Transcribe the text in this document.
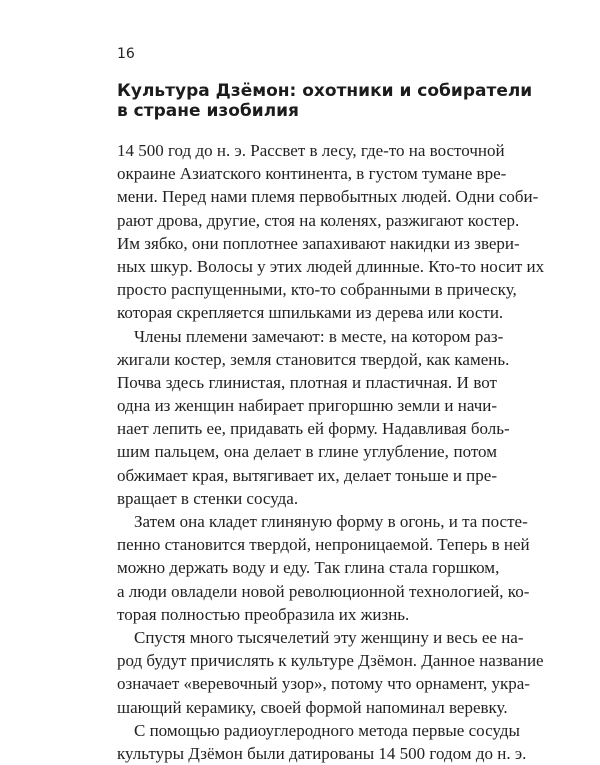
16
Культура Дзёмон: охотники и собиратели
в стране изобилия
14 500 год до н. э. Рассвет в лесу, где-то на восточной
окраине Азиатского континента, в густом тумане вре-
мени. Перед нами племя первобытных людей. Одни соби-
рают дрова, другие, стоя на коленях, разжигают костер.
Им зябко, они поплотнее запахивают накидки из звери-
ных шкур. Волосы у этих людей длинные. Кто-то носит их
просто распущенными, кто-то собранными в прическу,
которая скрепляется шпильками из дерева или кости.
Члены племени замечают: в месте, на котором раз-
жигали костер, земля становится твердой, как камень.
Почва здесь глинистая, плотная и пластичная. И вот
одна из женщин набирает пригоршню земли и начи-
нает лепить ее, придавать ей форму. Надавливая боль-
шим пальцем, она делает в глине углубление, потом
обжимает края, вытягивает их, делает тоньше и пре-
вращает в стенки сосуда.
Затем она кладет глиняную форму в огонь, и та посте-
пенно становится твердой, непроницаемой. Теперь в ней
можно держать воду и еду. Так глина стала горшком,
а люди овладели новой революционной технологией, ко-
торая полностью преобразила их жизнь.
Спустя много тысячелетий эту женщину и весь ее на-
род будут причислять к культуре Дзёмон. Данное название
означает «веревочный узор», потому что орнамент, укра-
шающий керамику, своей формой напоминал веревку.
С помощью радиоуглеродного метода первые сосуды
культуры Дзёмон были датированы 14 500 годом до н. э.
